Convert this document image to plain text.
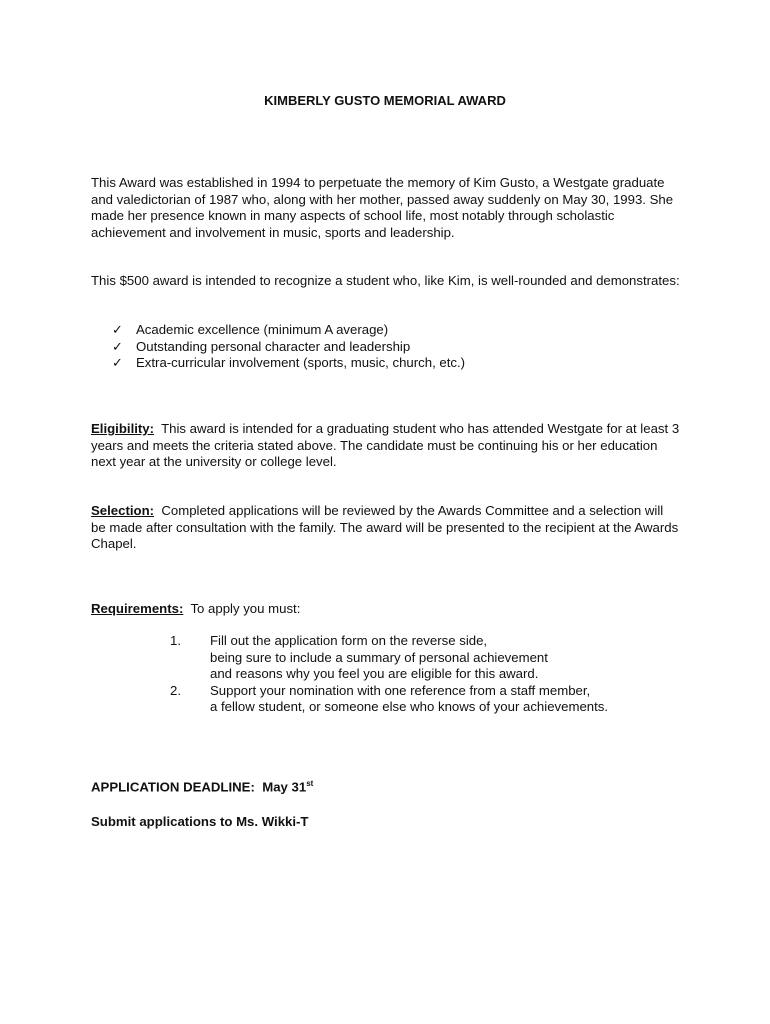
KIMBERLY GUSTO MEMORIAL AWARD
This Award was established in 1994 to perpetuate the memory of Kim Gusto, a Westgate graduate and valedictorian of 1987 who, along with her mother, passed away suddenly on May 30, 1993. She made her presence known in many aspects of school life, most notably through scholastic achievement and involvement in music, sports and leadership.
This $500 award is intended to recognize a student who, like Kim, is well-rounded and demonstrates:
✓ Academic excellence (minimum A average)
✓ Outstanding personal character and leadership
✓ Extra-curricular involvement (sports, music, church, etc.)
Eligibility: This award is intended for a graduating student who has attended Westgate for at least 3 years and meets the criteria stated above. The candidate must be continuing his or her education next year at the university or college level.
Selection: Completed applications will be reviewed by the Awards Committee and a selection will be made after consultation with the family. The award will be presented to the recipient at the Awards Chapel.
Requirements: To apply you must:
1. Fill out the application form on the reverse side,
being sure to include a summary of personal achievement
and reasons why you feel you are eligible for this award.
2. Support your nomination with one reference from a staff member,
a fellow student, or someone else who knows of your achievements.
APPLICATION DEADLINE: May 31st
Submit applications to Ms. Wikki-T
